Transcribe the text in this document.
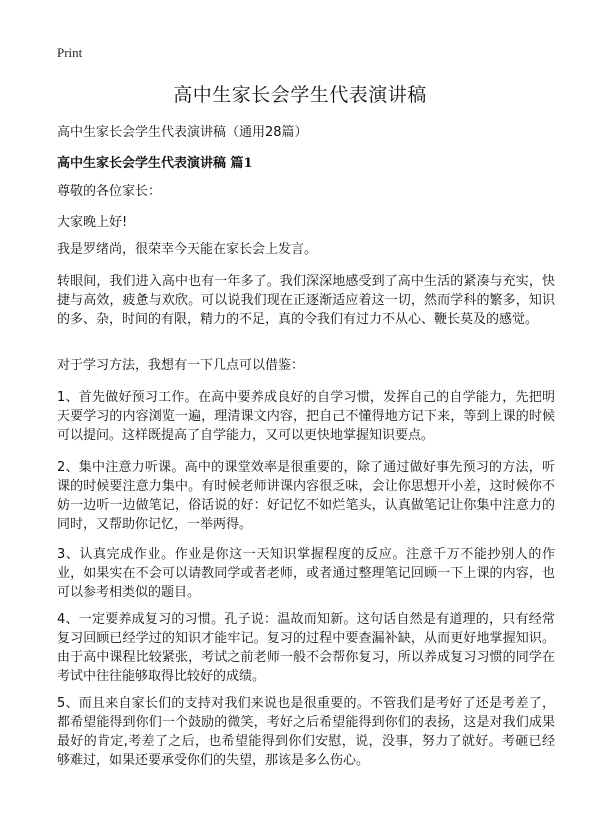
Print
高中生家长会学生代表演讲稿
高中生家长会学生代表演讲稿（通用28篇）
高中生家长会学生代表演讲稿 篇1

尊敬的各位家长：

大家晚上好!

我是罗绪尚，很荣幸今天能在家长会上发言。

转眼间，我们进入高中也有一年多了。我们深深地感受到了高中生活的紧凑与充实，快捷与高效，疲惫与欢欣。可以说我们现在正逐渐适应着这一切，然而学科的繁多，知识的多、杂，时间的有限，精力的不足，真的令我们有过力不从心、鞭长莫及的感觉。

对于学习方法，我想有一下几点可以借鉴：

1、首先做好预习工作。在高中要养成良好的自学习惯，发挥自己的自学能力，先把明天要学习的内容浏览一遍，理清课文内容，把自己不懂得地方记下来，等到上课的时候可以提问。这样既提高了自学能力，又可以更快地掌握知识要点。

2、集中注意力听课。高中的课堂效率是很重要的，除了通过做好事先预习的方法，听课的时候要注意力集中。有时候老师讲课内容很乏味，会让你思想开小差，这时候你不妨一边听一边做笔记，俗话说的好：好记忆不如烂笔头，认真做笔记让你集中注意力的同时，又帮助你记忆，一举两得。

3、认真完成作业。作业是你这一天知识掌握程度的反应。注意千万不能抄别人的作业，如果实在不会可以请教同学或者老师，或者通过整理笔记回顾一下上课的内容，也可以参考相类似的题目。

4、一定要养成复习的习惯。孔子说：温故而知新。这句话自然是有道理的，只有经常复习回顾已经学过的知识才能牢记。复习的过程中要查漏补缺，从而更好地掌握知识。由于高中课程比较紧张，考试之前老师一般不会帮你复习，所以养成复习习惯的同学在考试中往往能够取得比较好的成绩。

5、而且来自家长们的支持对我们来说也是很重要的。不管我们是考好了还是考差了，都希望能得到你们一个鼓励的微笑，考好之后希望能得到你们的表扬，这是对我们成果最好的肯定,考差了之后，也希望能得到你们安慰，说，没事，努力了就好。考砸已经够难过，如果还要承受你们的失望，那该是多么伤心。
